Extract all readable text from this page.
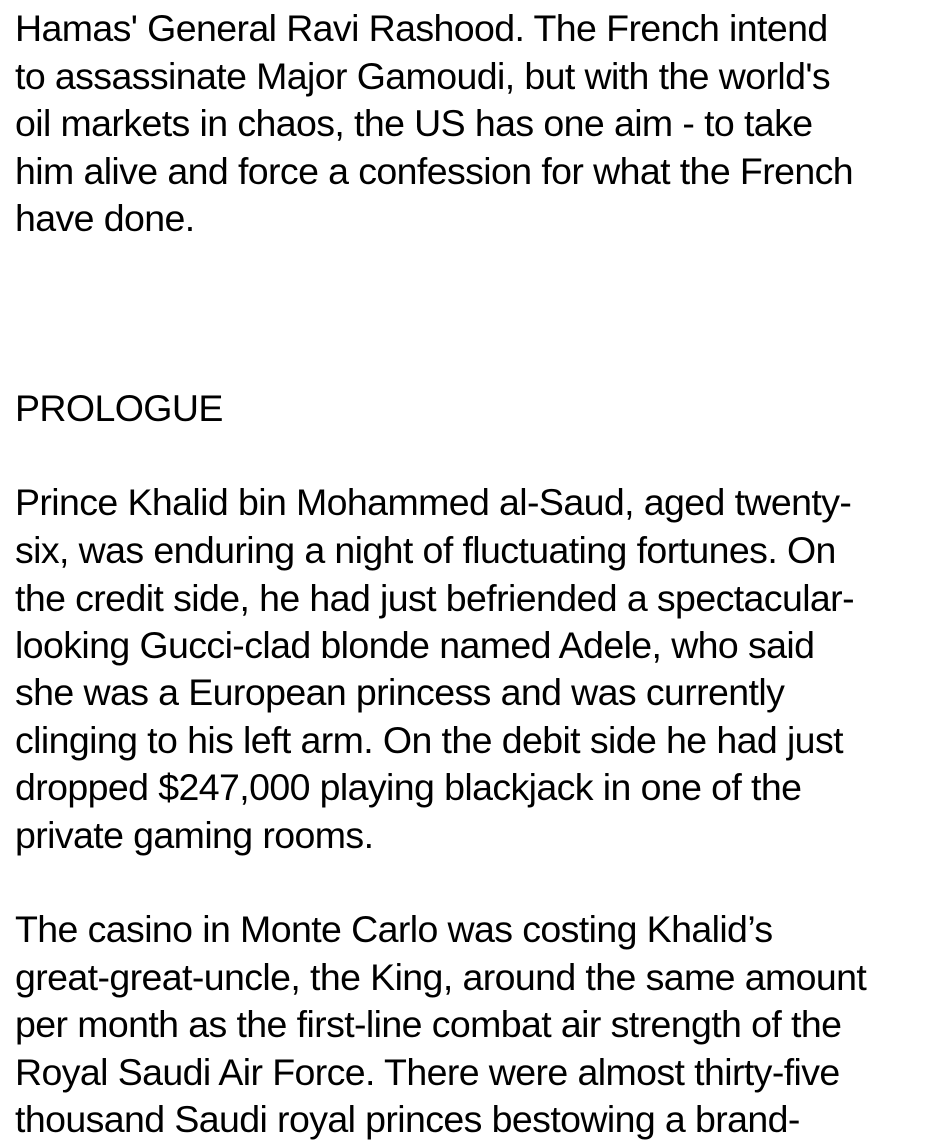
Hamas' General Ravi Rashood. The French intend
to assassinate Major Gamoudi, but with the world's
oil markets in chaos, the US has one aim - to take
him alive and force a confession for what the French
have done.
PROLOGUE
Prince Khalid bin Mohammed al-Saud, aged twenty-
six, was enduring a night of fluctuating fortunes. On
the credit side, he had just befriended a spectacular-
looking Gucci-clad blonde named Adele, who said
she was a European princess and was currently
clinging to his left arm. On the debit side he had just
dropped $247,000 playing blackjack in one of the
private gaming rooms.
The casino in Monte Carlo was costing Khalid’s
great-great-uncle, the King, around the same amount
per month as the first-line combat air strength of the
Royal Saudi Air Force. There were almost thirty-five
thousand Saudi royal princes bestowing a brand-
